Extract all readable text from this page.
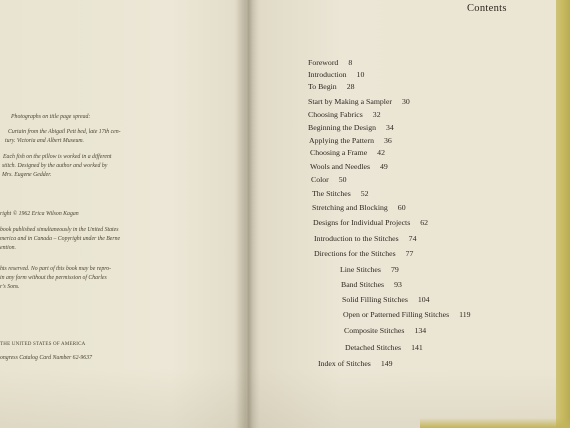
Photographs on title page spread:
Curtain from the Abigail Pett bed, late 17th cen-
tury. Victoria and Albert Museum.
Each fish on the pillow is worked in a different
stitch. Designed by the author and worked by
Mrs. Eugene Gedder.
right © 1962 Erica Wilson Kagan
book published simultaneously in the United States
merica and in Canada – Copyright under the Berne
ention.
hts reserved. No part of this book may be repro-
in any form without the permission of Charles
r's Sons.
THE UNITED STATES OF AMERICA
ongress Catalog Card Number 62-9637
Contents
Foreword 8
Introduction 10
To Begin 28
Start by Making a Sampler 30
Choosing Fabrics 32
Beginning the Design 34
Applying the Pattern 36
Choosing a Frame 42
Wools and Needles 49
Color 50
The Stitches 52
Stretching and Blocking 60
Designs for Individual Projects 62
Introduction to the Stitches 74
Directions for the Stitches 77
Line Stitches 79
Band Stitches 93
Solid Filling Stitches 104
Open or Patterned Filling Stitches 119
Composite Stitches 134
Detached Stitches 141
Index of Stitches 149
